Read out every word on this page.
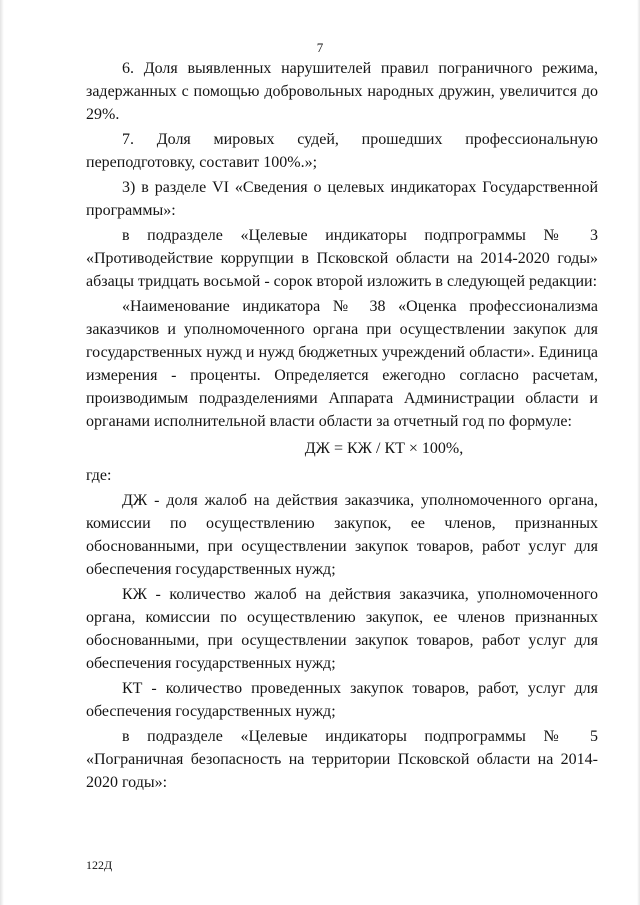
7

6. Доля выявленных нарушителей правил пограничного режима, задержанных с помощью добровольных народных дружин, увеличится до 29%.

7. Доля мировых судей, прошедших профессиональную переподготовку, составит 100%.»;

3) в разделе VI «Сведения о целевых индикаторах Государственной программы»:

в подразделе «Целевые индикаторы подпрограммы № 3 «Противодействие коррупции в Псковской области на 2014-2020 годы» абзацы тридцать восьмой - сорок второй изложить в следующей редакции:

«Наименование индикатора № 38 «Оценка профессионализма заказчиков и уполномоченного органа при осуществлении закупок для государственных нужд и нужд бюджетных учреждений области». Единица измерения - проценты. Определяется ежегодно согласно расчетам, производимым подразделениями Аппарата Администрации области и органами исполнительной власти области за отчетный год по формуле:

ДЖ = КЖ / КТ × 100%,

где:

ДЖ - доля жалоб на действия заказчика, уполномоченного органа, комиссии по осуществлению закупок, ее членов, признанных обоснованными, при осуществлении закупок товаров, работ услуг для обеспечения государственных нужд;

КЖ - количество жалоб на действия заказчика, уполномоченного органа, комиссии по осуществлению закупок, ее членов признанных обоснованными, при осуществлении закупок товаров, работ услуг для обеспечения государственных нужд;

КТ - количество проведенных закупок товаров, работ, услуг для обеспечения государственных нужд;

в подразделе «Целевые индикаторы подпрограммы № 5 «Пограничная безопасность на территории Псковской области на 2014-2020 годы»:

122Д
